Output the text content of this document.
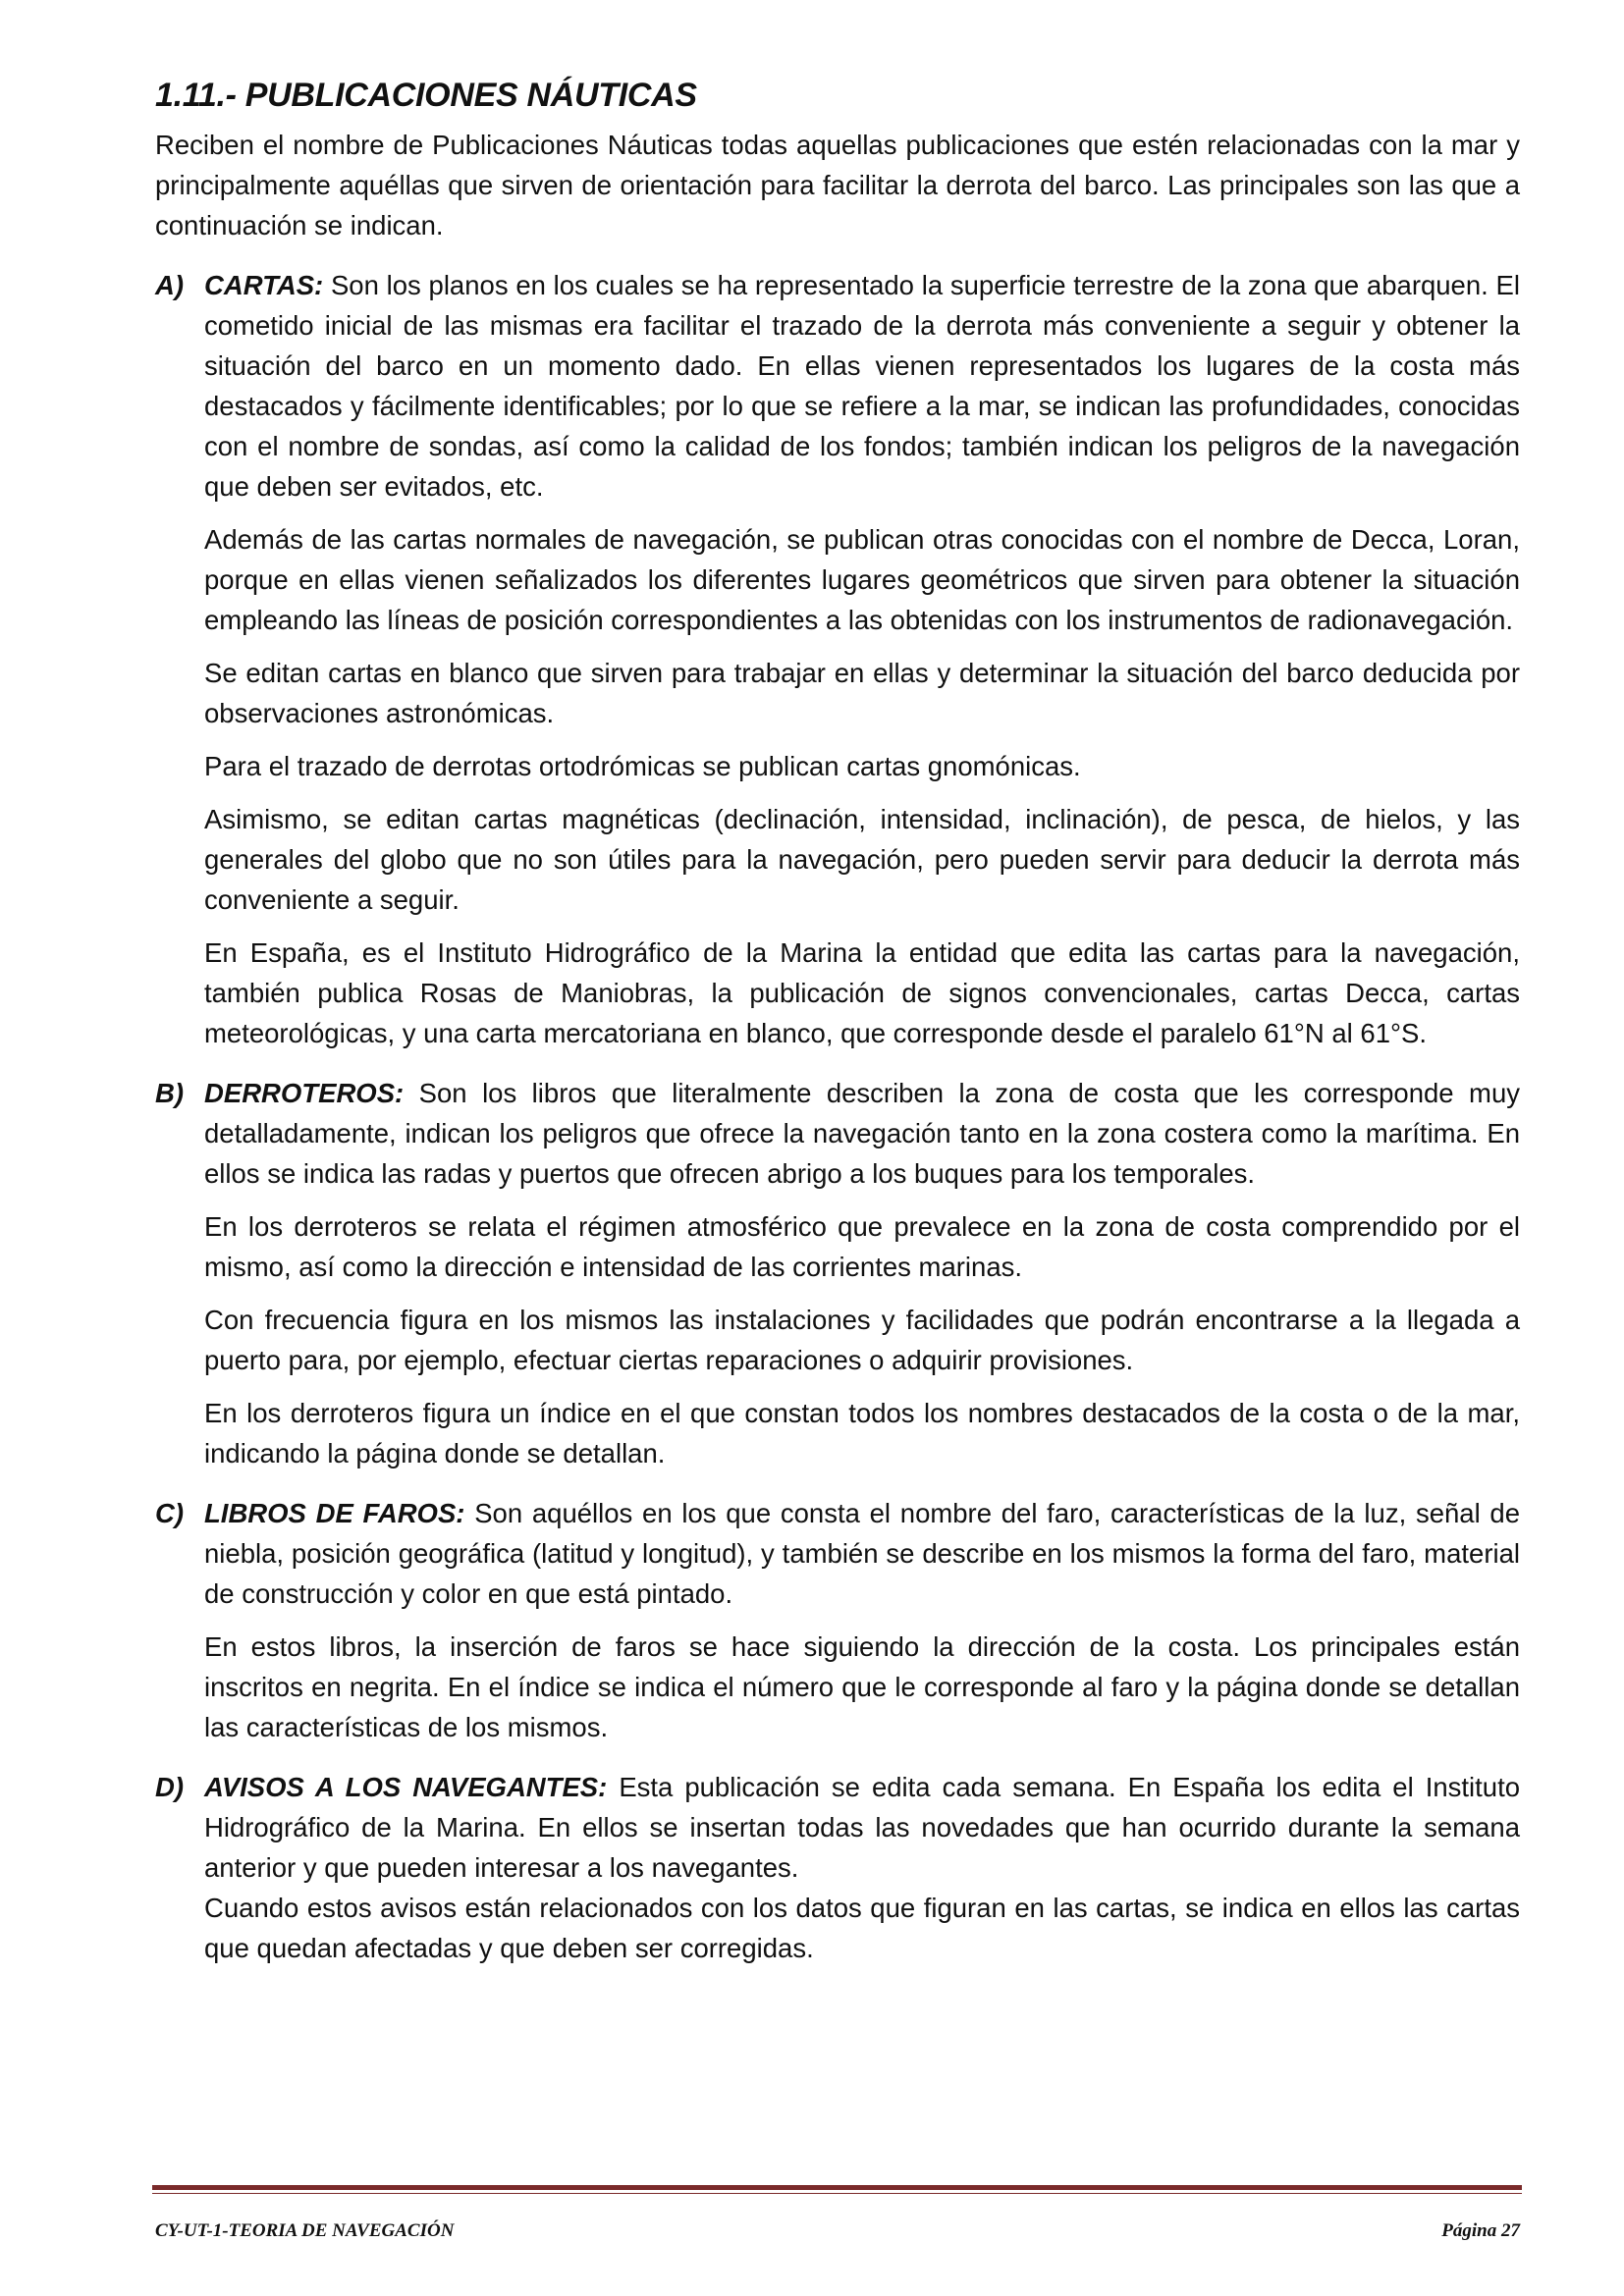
1.11.- PUBLICACIONES NÁUTICAS

Reciben el nombre de Publicaciones Náuticas todas aquellas publicaciones que estén relacionadas con la mar y principalmente aquéllas que sirven de orientación para facilitar la derrota del barco. Las principales son las que a continuación se indican.

A) CARTAS: Son los planos en los cuales se ha representado la superficie terrestre de la zona que abarquen. El cometido inicial de las mismas era facilitar el trazado de la derrota más conveniente a seguir y obtener la situación del barco en un momento dado. En ellas vienen representados los lugares de la costa más destacados y fácilmente identificables; por lo que se refiere a la mar, se indican las profundidades, conocidas con el nombre de sondas, así como la calidad de los fondos; también indican los peligros de la navegación que deben ser evitados, etc.

Además de las cartas normales de navegación, se publican otras conocidas con el nombre de Decca, Loran, porque en ellas vienen señalizados los diferentes lugares geométricos que sirven para obtener la situación empleando las líneas de posición correspondientes a las obtenidas con los instrumentos de radionavegación.

Se editan cartas en blanco que sirven para trabajar en ellas y determinar la situación del barco deducida por observaciones astronómicas.

Para el trazado de derrotas ortodrómicas se publican cartas gnomónicas.

Asimismo, se editan cartas magnéticas (declinación, intensidad, inclinación), de pesca, de hielos, y las generales del globo que no son útiles para la navegación, pero pueden servir para deducir la derrota más conveniente a seguir.

En España, es el Instituto Hidrográfico de la Marina la entidad que edita las cartas para la navegación, también publica Rosas de Maniobras, la publicación de signos convencionales, cartas Decca, cartas meteorológicas, y una carta mercatoriana en blanco, que corresponde desde el paralelo 61°N al 61°S.

B) DERROTEROS: Son los libros que literalmente describen la zona de costa que les corresponde muy detalladamente, indican los peligros que ofrece la navegación tanto en la zona costera como la marítima. En ellos se indica las radas y puertos que ofrecen abrigo a los buques para los temporales.

En los derroteros se relata el régimen atmosférico que prevalece en la zona de costa comprendido por el mismo, así como la dirección e intensidad de las corrientes marinas.

Con frecuencia figura en los mismos las instalaciones y facilidades que podrán encontrarse a la llegada a puerto para, por ejemplo, efectuar ciertas reparaciones o adquirir provisiones.

En los derroteros figura un índice en el que constan todos los nombres destacados de la costa o de la mar, indicando la página donde se detallan.

C) LIBROS DE FAROS: Son aquéllos en los que consta el nombre del faro, características de la luz, señal de niebla, posición geográfica (latitud y longitud), y también se describe en los mismos la forma del faro, material de construcción y color en que está pintado.

En estos libros, la inserción de faros se hace siguiendo la dirección de la costa. Los principales están inscritos en negrita. En el índice se indica el número que le corresponde al faro y la página donde se detallan las características de los mismos.

D) AVISOS A LOS NAVEGANTES: Esta publicación se edita cada semana. En España los edita el Instituto Hidrográfico de la Marina. En ellos se insertan todas las novedades que han ocurrido durante la semana anterior y que pueden interesar a los navegantes.

Cuando estos avisos están relacionados con los datos que figuran en las cartas, se indica en ellos las cartas que quedan afectadas y que deben ser corregidas.

CY-UT-1-TEORIA DE NAVEGACIÓN	Página 27
